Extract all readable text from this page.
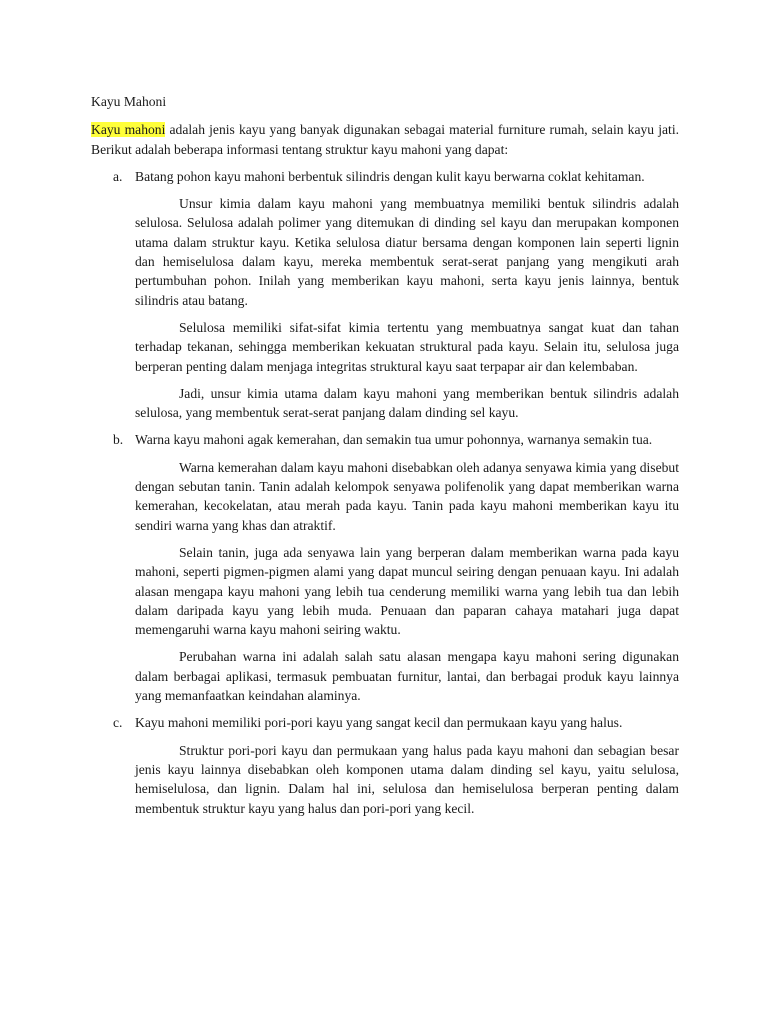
Kayu Mahoni

Kayu mahoni adalah jenis kayu yang banyak digunakan sebagai material furniture rumah, selain kayu jati. Berikut adalah beberapa informasi tentang struktur kayu mahoni yang dapat:

a. Batang pohon kayu mahoni berbentuk silindris dengan kulit kayu berwarna coklat kehitaman.

Unsur kimia dalam kayu mahoni yang membuatnya memiliki bentuk silindris adalah selulosa. Selulosa adalah polimer yang ditemukan di dinding sel kayu dan merupakan komponen utama dalam struktur kayu. Ketika selulosa diatur bersama dengan komponen lain seperti lignin dan hemiselulosa dalam kayu, mereka membentuk serat-serat panjang yang mengikuti arah pertumbuhan pohon. Inilah yang memberikan kayu mahoni, serta kayu jenis lainnya, bentuk silindris atau batang.

Selulosa memiliki sifat-sifat kimia tertentu yang membuatnya sangat kuat dan tahan terhadap tekanan, sehingga memberikan kekuatan struktural pada kayu. Selain itu, selulosa juga berperan penting dalam menjaga integritas struktural kayu saat terpapar air dan kelembaban.

Jadi, unsur kimia utama dalam kayu mahoni yang memberikan bentuk silindris adalah selulosa, yang membentuk serat-serat panjang dalam dinding sel kayu.

b. Warna kayu mahoni agak kemerahan, dan semakin tua umur pohonnya, warnanya semakin tua.

Warna kemerahan dalam kayu mahoni disebabkan oleh adanya senyawa kimia yang disebut dengan sebutan tanin. Tanin adalah kelompok senyawa polifenolik yang dapat memberikan warna kemerahan, kecokelatan, atau merah pada kayu. Tanin pada kayu mahoni memberikan kayu itu sendiri warna yang khas dan atraktif.

Selain tanin, juga ada senyawa lain yang berperan dalam memberikan warna pada kayu mahoni, seperti pigmen-pigmen alami yang dapat muncul seiring dengan penuaan kayu. Ini adalah alasan mengapa kayu mahoni yang lebih tua cenderung memiliki warna yang lebih tua dan lebih dalam daripada kayu yang lebih muda. Penuaan dan paparan cahaya matahari juga dapat memengaruhi warna kayu mahoni seiring waktu.

Perubahan warna ini adalah salah satu alasan mengapa kayu mahoni sering digunakan dalam berbagai aplikasi, termasuk pembuatan furnitur, lantai, dan berbagai produk kayu lainnya yang memanfaatkan keindahan alaminya.

c. Kayu mahoni memiliki pori-pori kayu yang sangat kecil dan permukaan kayu yang halus.

Struktur pori-pori kayu dan permukaan yang halus pada kayu mahoni dan sebagian besar jenis kayu lainnya disebabkan oleh komponen utama dalam dinding sel kayu, yaitu selulosa, hemiselulosa, dan lignin. Dalam hal ini, selulosa dan hemiselulosa berperan penting dalam membentuk struktur kayu yang halus dan pori-pori yang kecil.
